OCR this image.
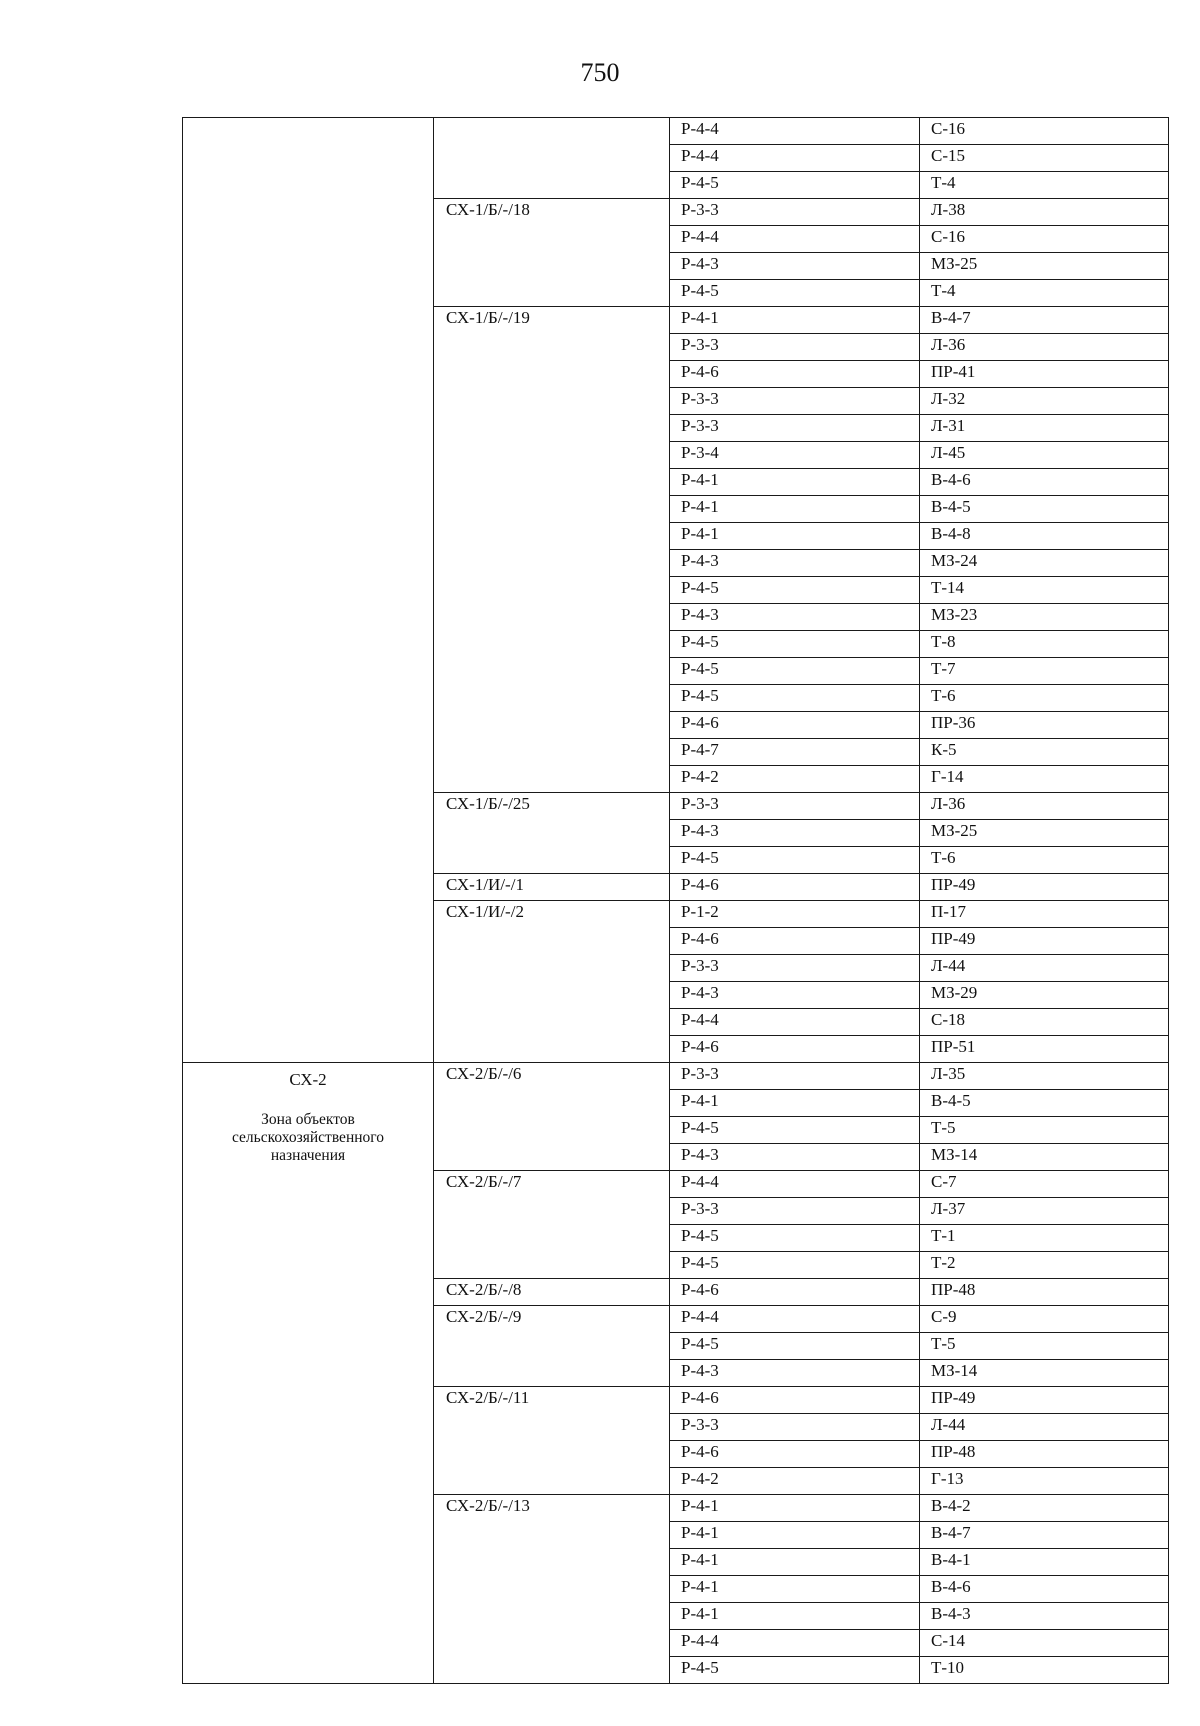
750
		Р-4-4	С-16
		Р-4-4	С-15
		Р-4-5	Т-4
	СХ-1/Б/-/18	Р-3-3	Л-38
		Р-4-4	С-16
		Р-4-3	МЗ-25
		Р-4-5	Т-4
	СХ-1/Б/-/19	Р-4-1	В-4-7
		Р-3-3	Л-36
		Р-4-6	ПР-41
		Р-3-3	Л-32
		Р-3-3	Л-31
		Р-3-4	Л-45
		Р-4-1	В-4-6
		Р-4-1	В-4-5
		Р-4-1	В-4-8
		Р-4-3	МЗ-24
		Р-4-5	Т-14
		Р-4-3	МЗ-23
		Р-4-5	Т-8
		Р-4-5	Т-7
		Р-4-5	Т-6
		Р-4-6	ПР-36
		Р-4-7	К-5
		Р-4-2	Г-14
	СХ-1/Б/-/25	Р-3-3	Л-36
		Р-4-3	МЗ-25
		Р-4-5	Т-6
	СХ-1/И/-/1	Р-4-6	ПР-49
	СХ-1/И/-/2	Р-1-2	П-17
		Р-4-6	ПР-49
		Р-3-3	Л-44
		Р-4-3	МЗ-29
		Р-4-4	С-18
		Р-4-6	ПР-51

СХ-2
Зона объектов
сельскохозяйственного
назначения	СХ-2/Б/-/6	Р-3-3	Л-35
		Р-4-1	В-4-5
		Р-4-5	Т-5
		Р-4-3	МЗ-14
	СХ-2/Б/-/7	Р-4-4	С-7
		Р-3-3	Л-37
		Р-4-5	Т-1
		Р-4-5	Т-2
	СХ-2/Б/-/8	Р-4-6	ПР-48
	СХ-2/Б/-/9	Р-4-4	С-9
		Р-4-5	Т-5
		Р-4-3	МЗ-14
	СХ-2/Б/-/11	Р-4-6	ПР-49
		Р-3-3	Л-44
		Р-4-6	ПР-48
		Р-4-2	Г-13
	СХ-2/Б/-/13	Р-4-1	В-4-2
		Р-4-1	В-4-7
		Р-4-1	В-4-1
		Р-4-1	В-4-6
		Р-4-1	В-4-3
		Р-4-4	С-14
		Р-4-5	Т-10
